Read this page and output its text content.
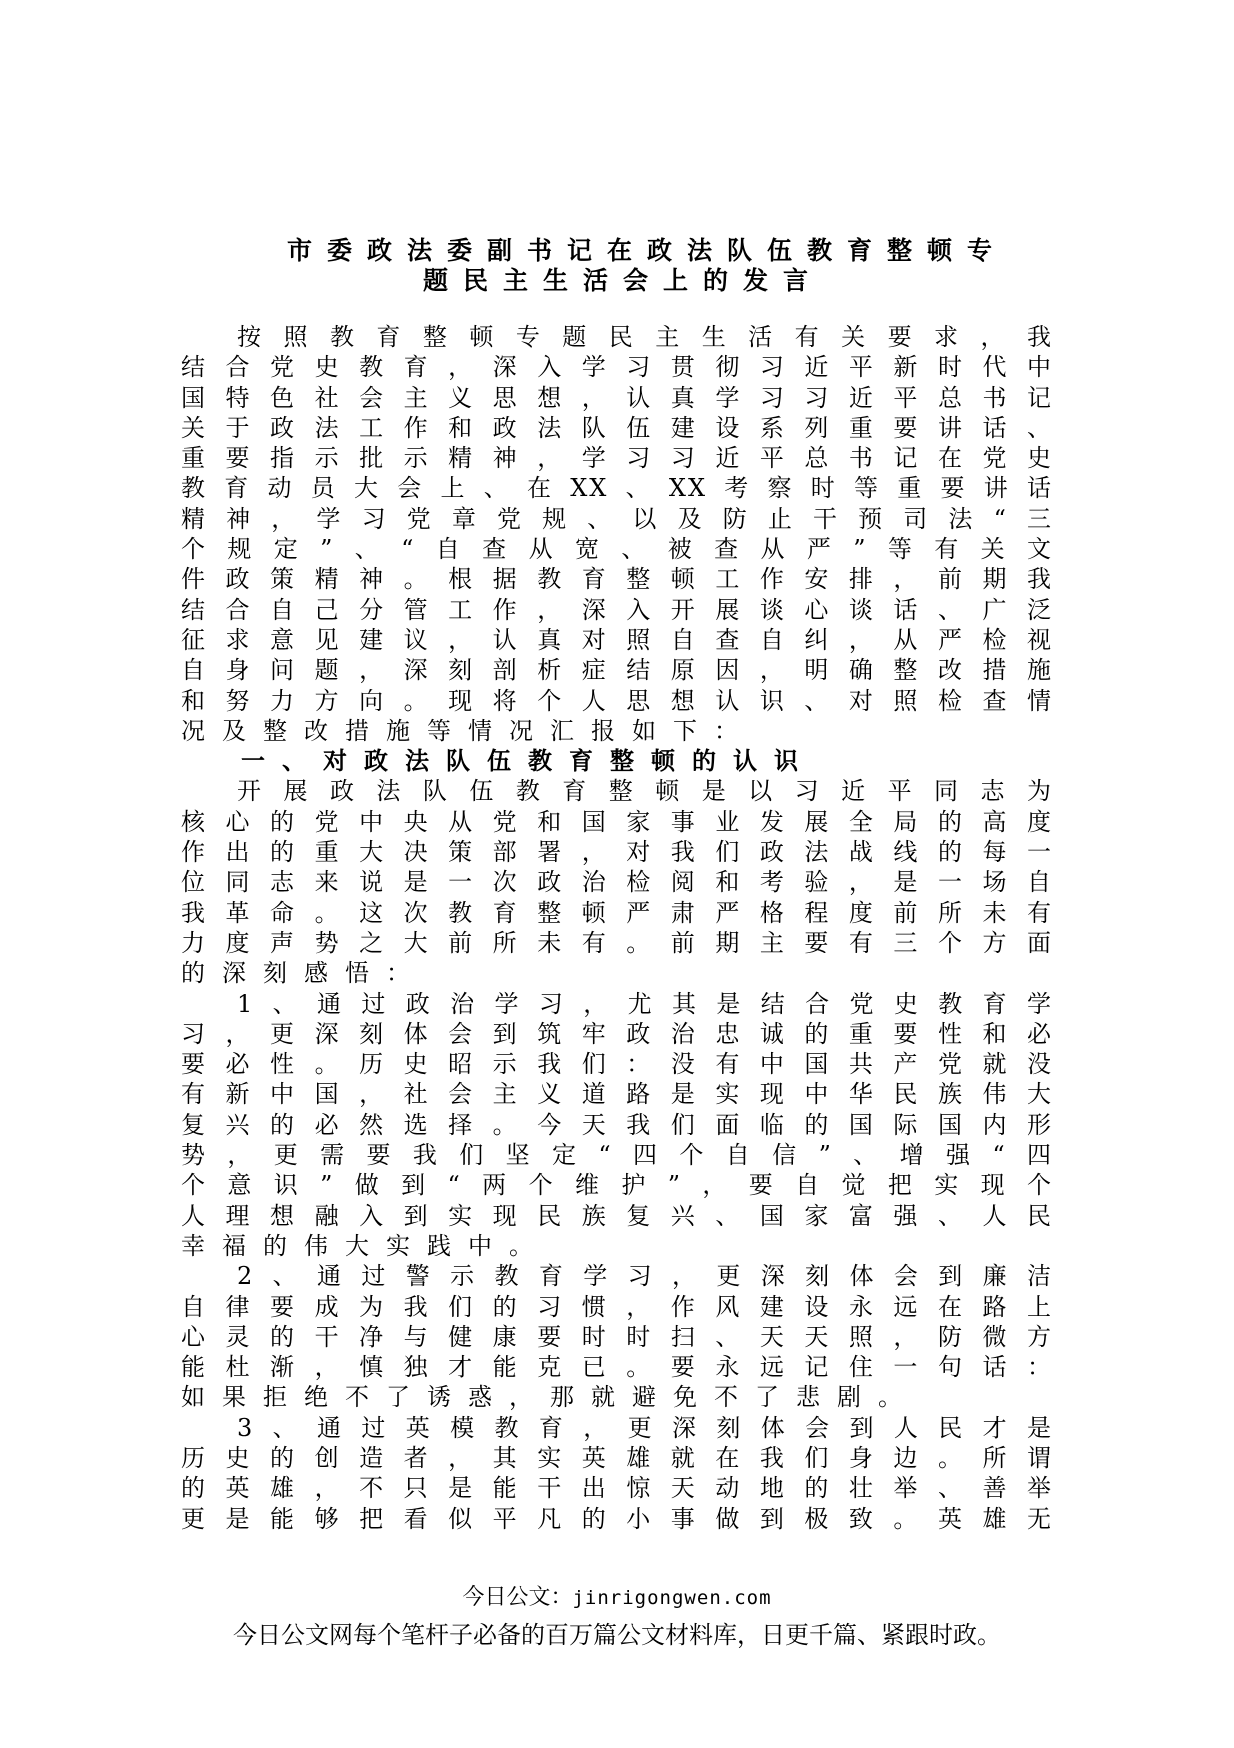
市委政法委副书记在政法队伍教育整顿专
题民主生活会上的发言
按照教育整顿专题民主生活有关要求，我
结合党史教育，深入学习贯彻习近平新时代中
国特色社会主义思想，认真学习习近平总书记
关于政法工作和政法队伍建设系列重要讲话、
重要指示批示精神，学习习近平总书记在党史
教育动员大会上、在XX、XX考察时等重要讲话
精神，学习党章党规、以及防止干预司法“三
个规定”、“自查从宽、被查从严”等有关文
件政策精神。根据教育整顿工作安排，前期我
结合自己分管工作，深入开展谈心谈话、广泛
征求意见建议，认真对照自查自纠，从严检视
自身问题，深刻剖析症结原因，明确整改措施
和努力方向。现将个人思想认识、对照检查情
况及整改措施等情况汇报如下：
一、对政法队伍教育整顿的认识
开展政法队伍教育整顿是以习近平同志为
核心的党中央从党和国家事业发展全局的高度
作出的重大决策部署，对我们政法战线的每一
位同志来说是一次政治检阅和考验，是一场自
我革命。这次教育整顿严肃严格程度前所未有
力度声势之大前所未有。前期主要有三个方面
的深刻感悟：
1、通过政治学习，尤其是结合党史教育学
习，更深刻体会到筑牢政治忠诚的重要性和必
要必性。历史昭示我们：没有中国共产党就没
有新中国，社会主义道路是实现中华民族伟大
复兴的必然选择。今天我们面临的国际国内形
势，更需要我们坚定“四个自信”、增强“四
个意识”做到“两个维护”，要自觉把实现个
人理想融入到实现民族复兴、国家富强、人民
幸福的伟大实践中。
2、通过警示教育学习，更深刻体会到廉洁
自律要成为我们的习惯，作风建设永远在路上
心灵的干净与健康要时时扫、天天照，防微方
能杜渐，慎独才能克已。要永远记住一句话：
如果拒绝不了诱惑，那就避免不了悲剧。
3、通过英模教育，更深刻体会到人民才是
历史的创造者，其实英雄就在我们身边。所谓
的英雄，不只是能干出惊天动地的壮举、善举
更是能够把看似平凡的小事做到极致。英雄无
今日公文：jinrigongwen.com
今日公文网每个笔杆子必备的百万篇公文材料库，日更千篇、紧跟时政。
